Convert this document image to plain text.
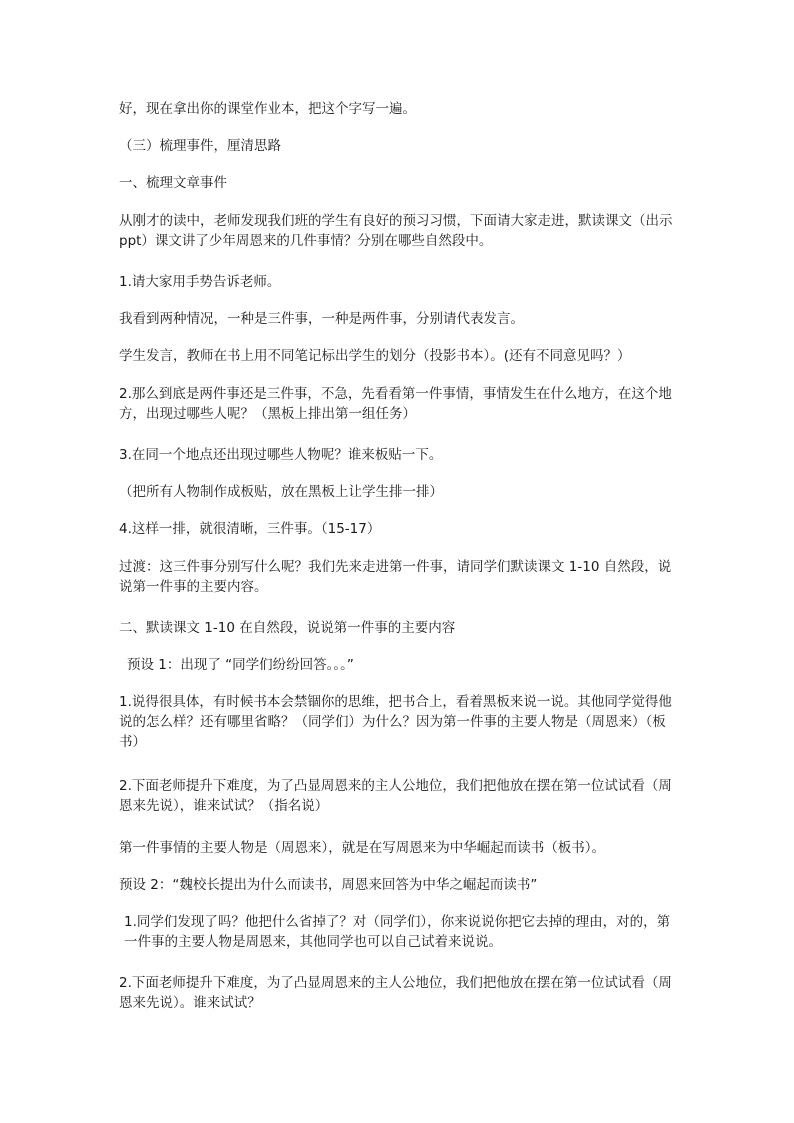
好，现在拿出你的课堂作业本，把这个字写一遍。

（三）梳理事件，厘清思路

一、梳理文章事件

从刚才的读中，老师发现我们班的学生有良好的预习习惯，下面请大家走进，默读课文（出示 ppt）课文讲了少年周恩来的几件事情？分别在哪些自然段中。

1.请大家用手势告诉老师。

我看到两种情况，一种是三件事，一种是两件事，分别请代表发言。

学生发言，教师在书上用不同笔记标出学生的划分（投影书本）。(还有不同意见吗？）

2.那么到底是两件事还是三件事，不急，先看看第一件事情，事情发生在什么地方，在这个地方，出现过哪些人呢？（黑板上排出第一组任务）

3.在同一个地点还出现过哪些人物呢？谁来板贴一下。

（把所有人物制作成板贴，放在黑板上让学生排一排）

4.这样一排，就很清晰，三件事。（15-17）

过渡：这三件事分别写什么呢？我们先来走进第一件事，请同学们默读课文 1-10 自然段，说说第一件事的主要内容。

二、默读课文 1-10 在自然段，说说第一件事的主要内容

预设 1：出现了 “同学们纷纷回答。。。”

1.说得很具体，有时候书本会禁锢你的思维，把书合上，看着黑板来说一说。其他同学觉得他说的怎么样？还有哪里省略？（同学们）为什么？因为第一件事的主要人物是（周恩来）（板书）

2.下面老师提升下难度，为了凸显周恩来的主人公地位，我们把他放在摆在第一位试试看（周恩来先说），谁来试试？（指名说）

第一件事情的主要人物是（周恩来），就是在写周恩来为中华崛起而读书（板书）。

预设 2：“魏校长提出为什么而读书，周恩来回答为中华之崛起而读书”

1.同学们发现了吗？他把什么省掉了？对（同学们），你来说说你把它去掉的理由，对的，第一件事的主要人物是周恩来，其他同学也可以自己试着来说说。

2.下面老师提升下难度，为了凸显周恩来的主人公地位，我们把他放在摆在第一位试试看（周恩来先说）。谁来试试？
